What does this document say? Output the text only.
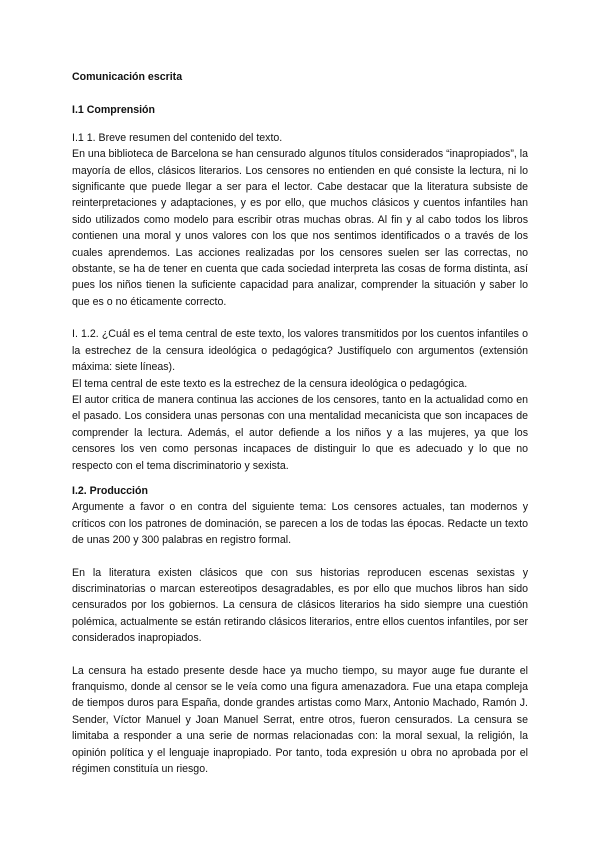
Comunicación escrita

I.1 Comprensión

I.1 1. Breve resumen del contenido del texto.

En una biblioteca de Barcelona se han censurado algunos títulos considerados “inapropiados”, la mayoría de ellos, clásicos literarios. Los censores no entienden en qué consiste la lectura, ni lo significante que puede llegar a ser para el lector. Cabe destacar que la literatura subsiste de reinterpretaciones y adaptaciones, y es por ello, que muchos clásicos y cuentos infantiles han sido utilizados como modelo para escribir otras muchas obras. Al fin y al cabo todos los libros contienen una moral y unos valores con los que nos sentimos identificados o a través de los cuales aprendemos. Las acciones realizadas por los censores suelen ser las correctas, no obstante, se ha de tener en cuenta que cada sociedad interpreta las cosas de forma distinta, así pues los niños tienen la suficiente capacidad para analizar, comprender la situación y saber lo que es o no éticamente correcto.

I. 1.2. ¿Cuál es el tema central de este texto, los valores transmitidos por los cuentos infantiles o la estrechez de la censura ideológica o pedagógica? Justifíquelo con argumentos (extensión máxima: siete líneas).

El tema central de este texto es la estrechez de la censura ideológica o pedagógica.

El autor critica de manera continua las acciones de los censores, tanto en la actualidad como en el pasado. Los considera unas personas con una mentalidad mecanicista que son incapaces de comprender la lectura. Además, el autor defiende a los niños y a las mujeres, ya que los censores los ven como personas incapaces de distinguir lo que es adecuado y lo que no respecto con el tema discriminatorio y sexista.

I.2. Producción

Argumente a favor o en contra del siguiente tema: Los censores actuales, tan modernos y críticos con los patrones de dominación, se parecen a los de todas las épocas. Redacte un texto de unas 200 y 300 palabras en registro formal.

En la literatura existen clásicos que con sus historias reproducen escenas sexistas y discriminatorias o marcan estereotipos desagradables, es por ello que muchos libros han sido censurados por los gobiernos. La censura de clásicos literarios ha sido siempre una cuestión polémica, actualmente se están retirando clásicos literarios, entre ellos cuentos infantiles, por ser considerados inapropiados.

La censura ha estado presente desde hace ya mucho tiempo, su mayor auge fue durante el franquismo, donde al censor se le veía como una figura amenazadora. Fue una etapa compleja de tiempos duros para España, donde grandes artistas como Marx, Antonio Machado, Ramón J. Sender, Víctor Manuel y Joan Manuel Serrat, entre otros, fueron censurados. La censura se limitaba a responder a una serie de normas relacionadas con: la moral sexual, la religión, la opinión política y el lenguaje inapropiado. Por tanto, toda expresión u obra no aprobada por el régimen constituía un riesgo.
